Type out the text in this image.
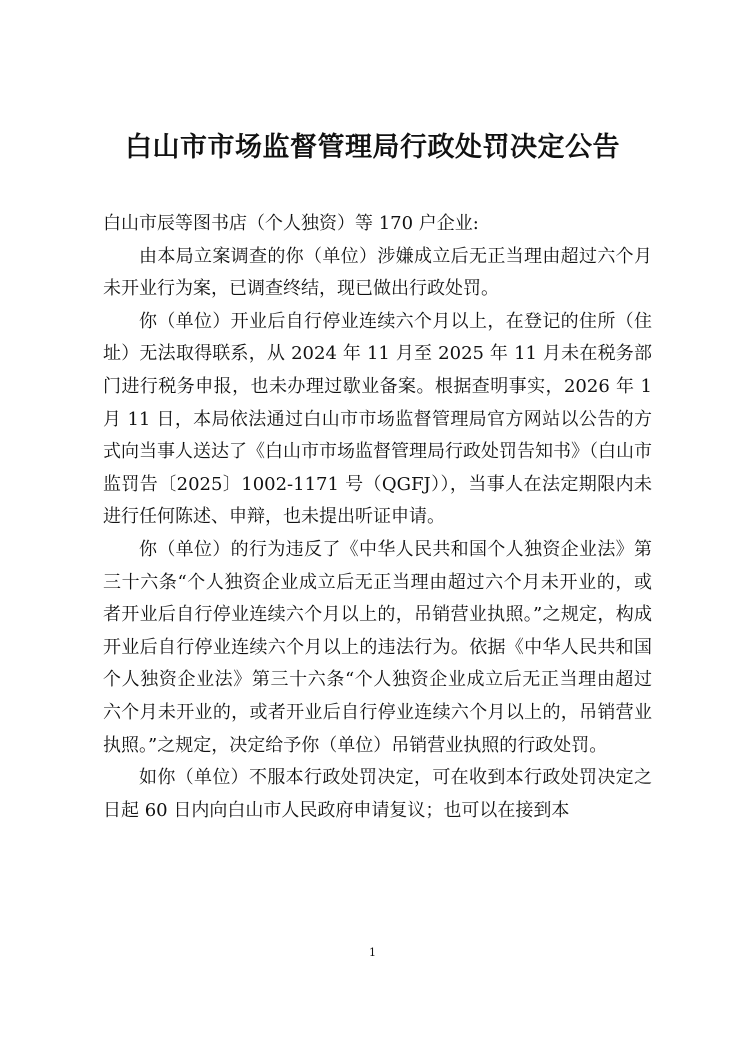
白山市市场监督管理局行政处罚决定公告

白山市辰等图书店（个人独资）等 170 户企业:

由本局立案调查的你（单位）涉嫌成立后无正当理由超过六个月未开业行为案，已调查终结，现已做出行政处罚。

你（单位）开业后自行停业连续六个月以上，在登记的住所（住址）无法取得联系，从 2024 年 11 月至 2025 年 11 月未在税务部门进行税务申报，也未办理过歇业备案。根据查明事实，2026 年 1 月 11 日，本局依法通过白山市市场监督管理局官方网站以公告的方式向当事人送达了《白山市市场监督管理局行政处罚告知书》（白山市监罚告〔2025〕1002-1171 号（QGFJ）），当事人在法定期限内未进行任何陈述、申辩，也未提出听证申请。

你（单位）的行为违反了《中华人民共和国个人独资企业法》第三十六条“个人独资企业成立后无正当理由超过六个月未开业的，或者开业后自行停业连续六个月以上的，吊销营业执照。”之规定，构成开业后自行停业连续六个月以上的违法行为。依据《中华人民共和国个人独资企业法》第三十六条“个人独资企业成立后无正当理由超过六个月未开业的，或者开业后自行停业连续六个月以上的，吊销营业执照。”之规定，决定给予你（单位）吊销营业执照的行政处罚。

如你（单位）不服本行政处罚决定，可在收到本行政处罚决定之日起 60 日内向白山市人民政府申请复议；也可以在接到本

1
